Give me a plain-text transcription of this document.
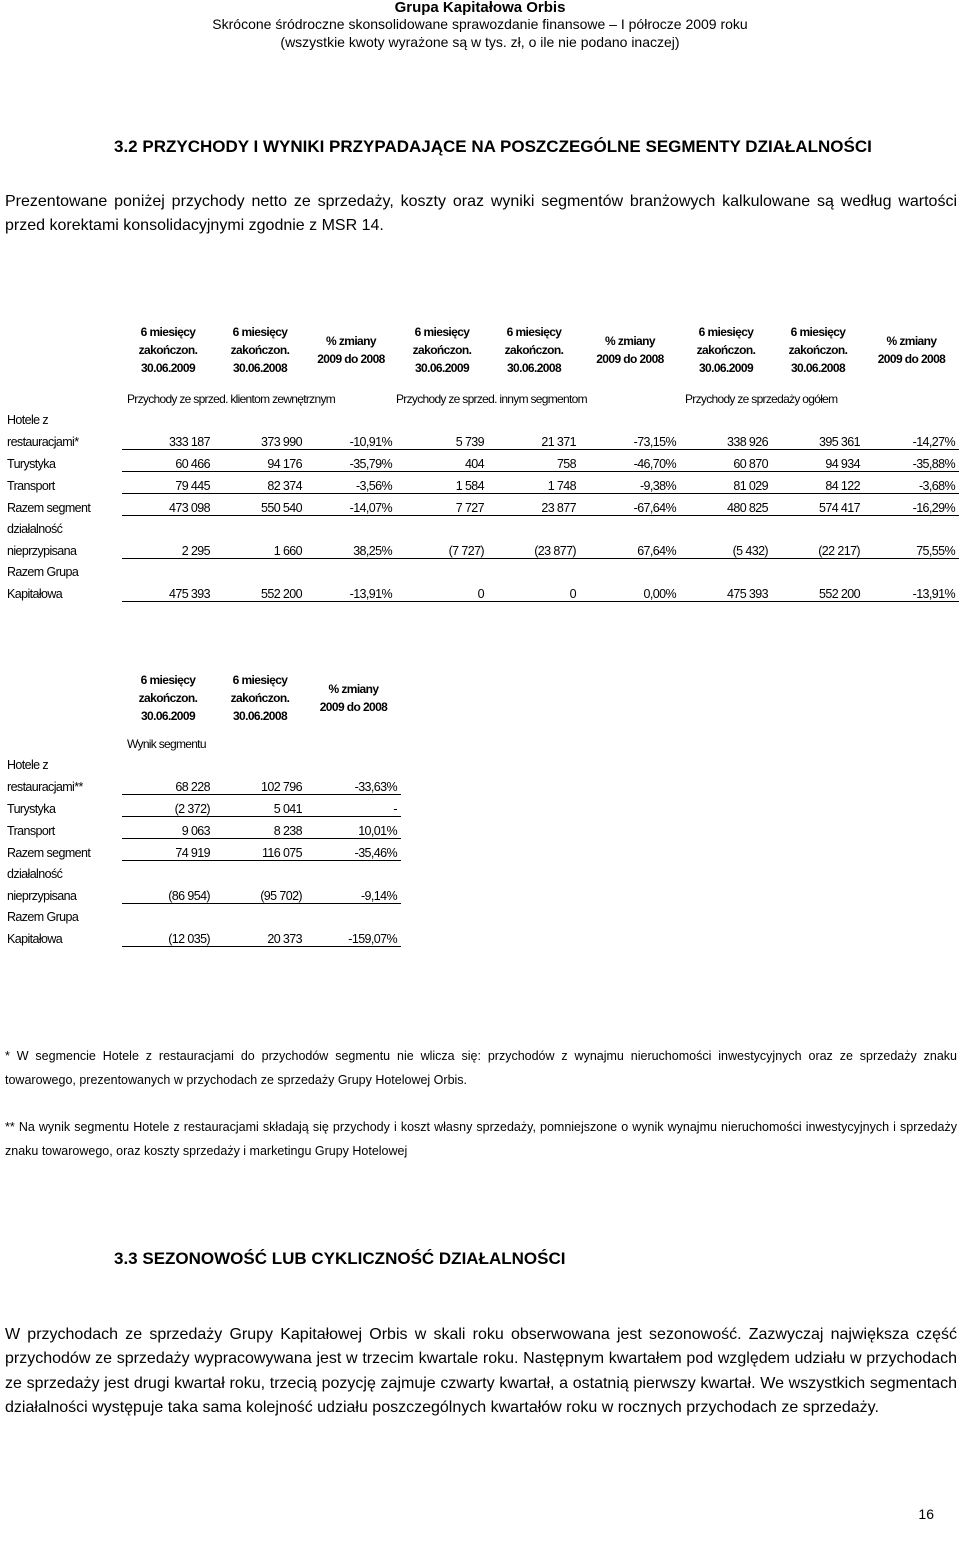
Grupa Kapitałowa Orbis
Skrócone śródroczne skonsolidowane sprawozdanie finansowe – I półrocze 2009 roku
(wszystkie kwoty wyrażone są w tys. zł, o ile nie podano inaczej)
3.2 PRZYCHODY I WYNIKI PRZYPADAJĄCE NA POSZCZEGÓLNE SEGMENTY DZIAŁALNOŚCI
Prezentowane poniżej przychody netto ze sprzedaży, koszty oraz wyniki segmentów branżowych kalkulowane są według wartości przed korektami konsolidacyjnymi zgodnie z MSR 14.
	6 miesięcy
zakończon.
30.06.2009	6 miesięcy
zakończon.
30.06.2008	% zmiany
2009 do 2008	6 miesięcy
zakończon.
30.06.2009	6 miesięcy
zakończon.
30.06.2008	% zmiany
2009 do 2008	6 miesięcy
zakończon.
30.06.2009	6 miesięcy
zakończon.
30.06.2008	% zmiany
2009 do 2008
	Przychody ze sprzed. klientom zewnętrznym			Przychody ze sprzed. innym segmentom			Przychody ze sprzedaży ogółem		
Hotele z									
restauracjami*	333 187	373 990	-10,91%	5 739	21 371	-73,15%	338 926	395 361	-14,27%
Turystyka	60 466	94 176	-35,79%	404	758	-46,70%	60 870	94 934	-35,88%
Transport	79 445	82 374	-3,56%	1 584	1 748	-9,38%	81 029	84 122	-3,68%
Razem segment	473 098	550 540	-14,07%	7 727	23 877	-67,64%	480 825	574 417	-16,29%
działalność									
nieprzypisana	2 295	1 660	38,25%	(7 727)	(23 877)	67,64%	(5 432)	(22 217)	75,55%
Razem Grupa									
Kapitałowa	475 393	552 200	-13,91%	0	0	0,00%	475 393	552 200	-13,91%
	6 miesięcy
zakończon.
30.06.2009	6 miesięcy
zakończon.
30.06.2008	% zmiany
2009 do 2008
	Wynik segmentu		
Hotele z			
restauracjami**	68 228	102 796	-33,63%
Turystyka	(2 372)	5 041	-
Transport	9 063	8 238	10,01%
Razem segment	74 919	116 075	-35,46%
działalność			
nieprzypisana	(86 954)	(95 702)	-9,14%
Razem Grupa			
Kapitałowa	(12 035)	20 373	-159,07%
* W segmencie Hotele z restauracjami do przychodów segmentu nie wlicza się: przychodów z wynajmu nieruchomości inwestycyjnych oraz ze sprzedaży znaku towarowego, prezentowanych w przychodach ze sprzedaży Grupy Hotelowej Orbis.
** Na wynik segmentu Hotele z restauracjami składają się przychody i koszt własny sprzedaży, pomniejszone o wynik wynajmu nieruchomości inwestycyjnych i sprzedaży znaku towarowego, oraz koszty sprzedaży i marketingu Grupy Hotelowej
3.3 SEZONOWOŚĆ LUB CYKLICZNOŚĆ DZIAŁALNOŚCI
W przychodach ze sprzedaży Grupy Kapitałowej Orbis w skali roku obserwowana jest sezonowość. Zazwyczaj największa część przychodów ze sprzedaży wypracowywana jest w trzecim kwartale roku. Następnym kwartałem pod względem udziału w przychodach ze sprzedaży jest drugi kwartał roku, trzecią pozycję zajmuje czwarty kwartał, a ostatnią pierwszy kwartał. We wszystkich segmentach działalności występuje taka sama kolejność udziału poszczególnych kwartałów roku w rocznych przychodach ze sprzedaży.
16
